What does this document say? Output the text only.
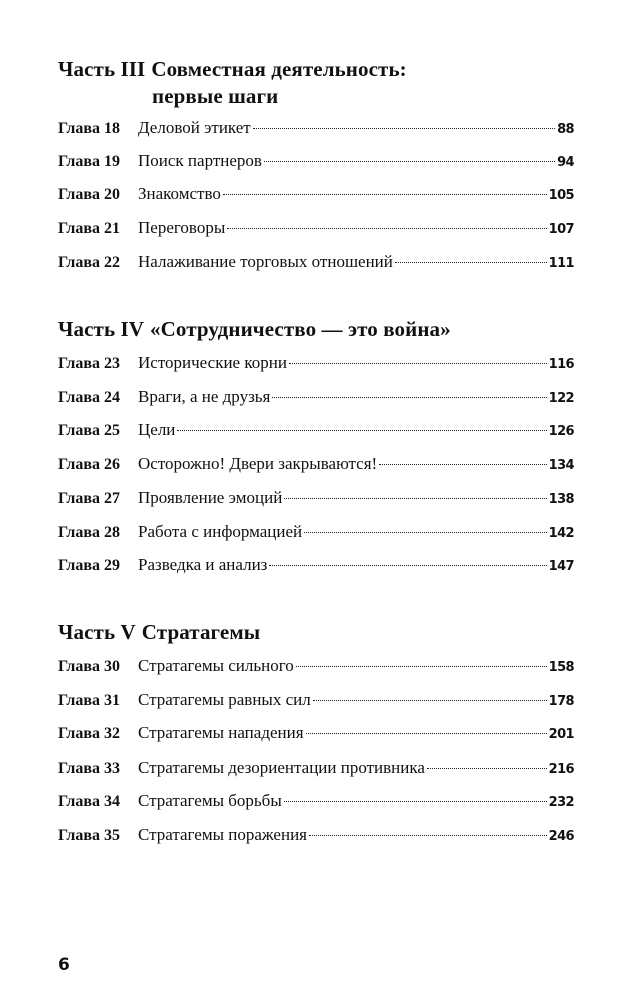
Часть III Совместная деятельность:
первые шаги
Глава 18	Деловой этикет	88
Глава 19	Поиск партнеров	94
Глава 20	Знакомство	105
Глава 21	Переговоры	107
Глава 22	Налаживание торговых отношений	111
Часть IV «Сотрудничество — это война»
Глава 23	Исторические корни	116
Глава 24	Враги, а не друзья	122
Глава 25	Цели	126
Глава 26	Осторожно! Двери закрываются!	134
Глава 27	Проявление эмоций	138
Глава 28	Работа с информацией	142
Глава 29	Разведка и анализ	147
Часть V Стратагемы
Глава 30	Стратагемы сильного	158
Глава 31	Стратагемы равных сил	178
Глава 32	Стратагемы нападения	201
Глава 33	Стратагемы дезориентации противника	216
Глава 34	Стратагемы борьбы	232
Глава 35	Стратагемы поражения	246
6
